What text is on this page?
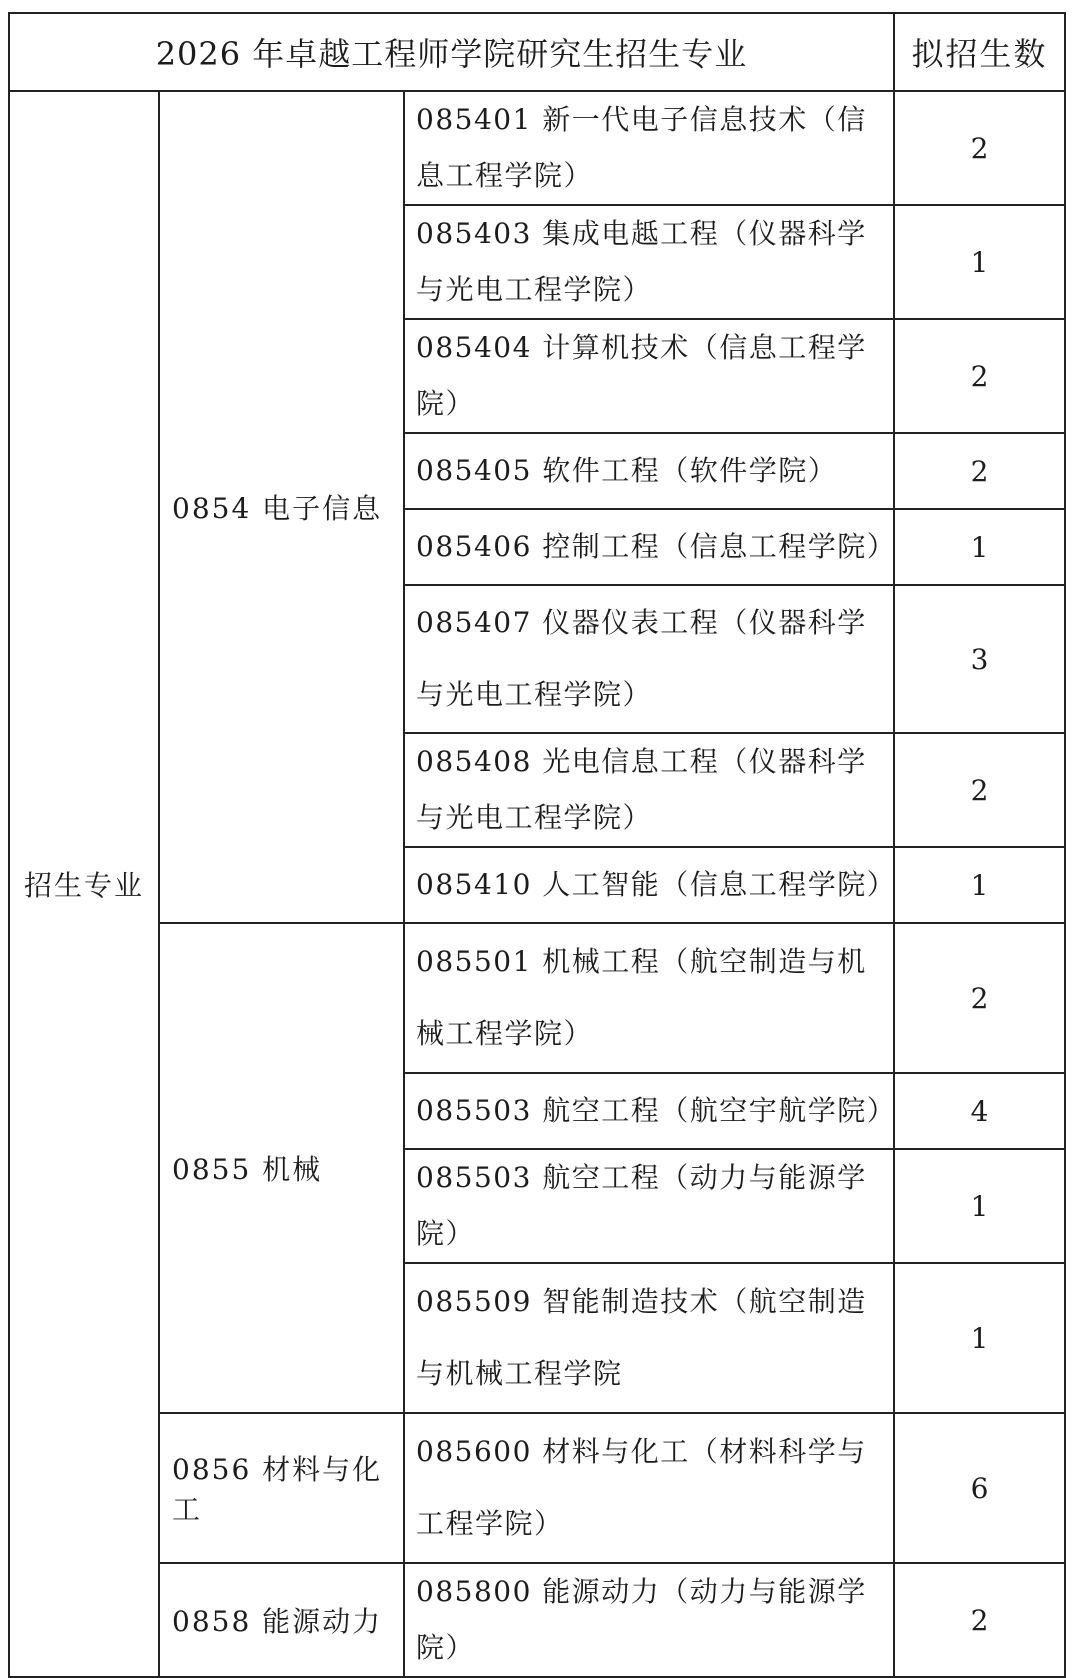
2026 年卓越工程师学院研究生招生专业			拟招生数
招生专业	0854 电子信息	085401 新一代电子信息技术（信息工程学院）	2
		085403 集成电趆工程（仪器科学与光电工程学院）	1
		085404 计算机技术（信息工程学院）	2
		085405 软件工程（软件学院）	2
		085406 控制工程（信息工程学院）	1
		085407 仪器仪表工程（仪器科学与光电工程学院）	3
		085408 光电信息工程（仪器科学与光电工程学院）	2
		085410 人工智能（信息工程学院）	1
	0855 机械	085501 机械工程（航空制造与机械工程学院）	2
		085503 航空工程（航空宇航学院）	4
		085503 航空工程（动力与能源学院）	1
		085509 智能制造技术（航空制造与机械工程学院	1
	0856 材料与化工	085600 材料与化工（材料科学与工程学院）	6
	0858 能源动力	085800 能源动力（动力与能源学院）	2
